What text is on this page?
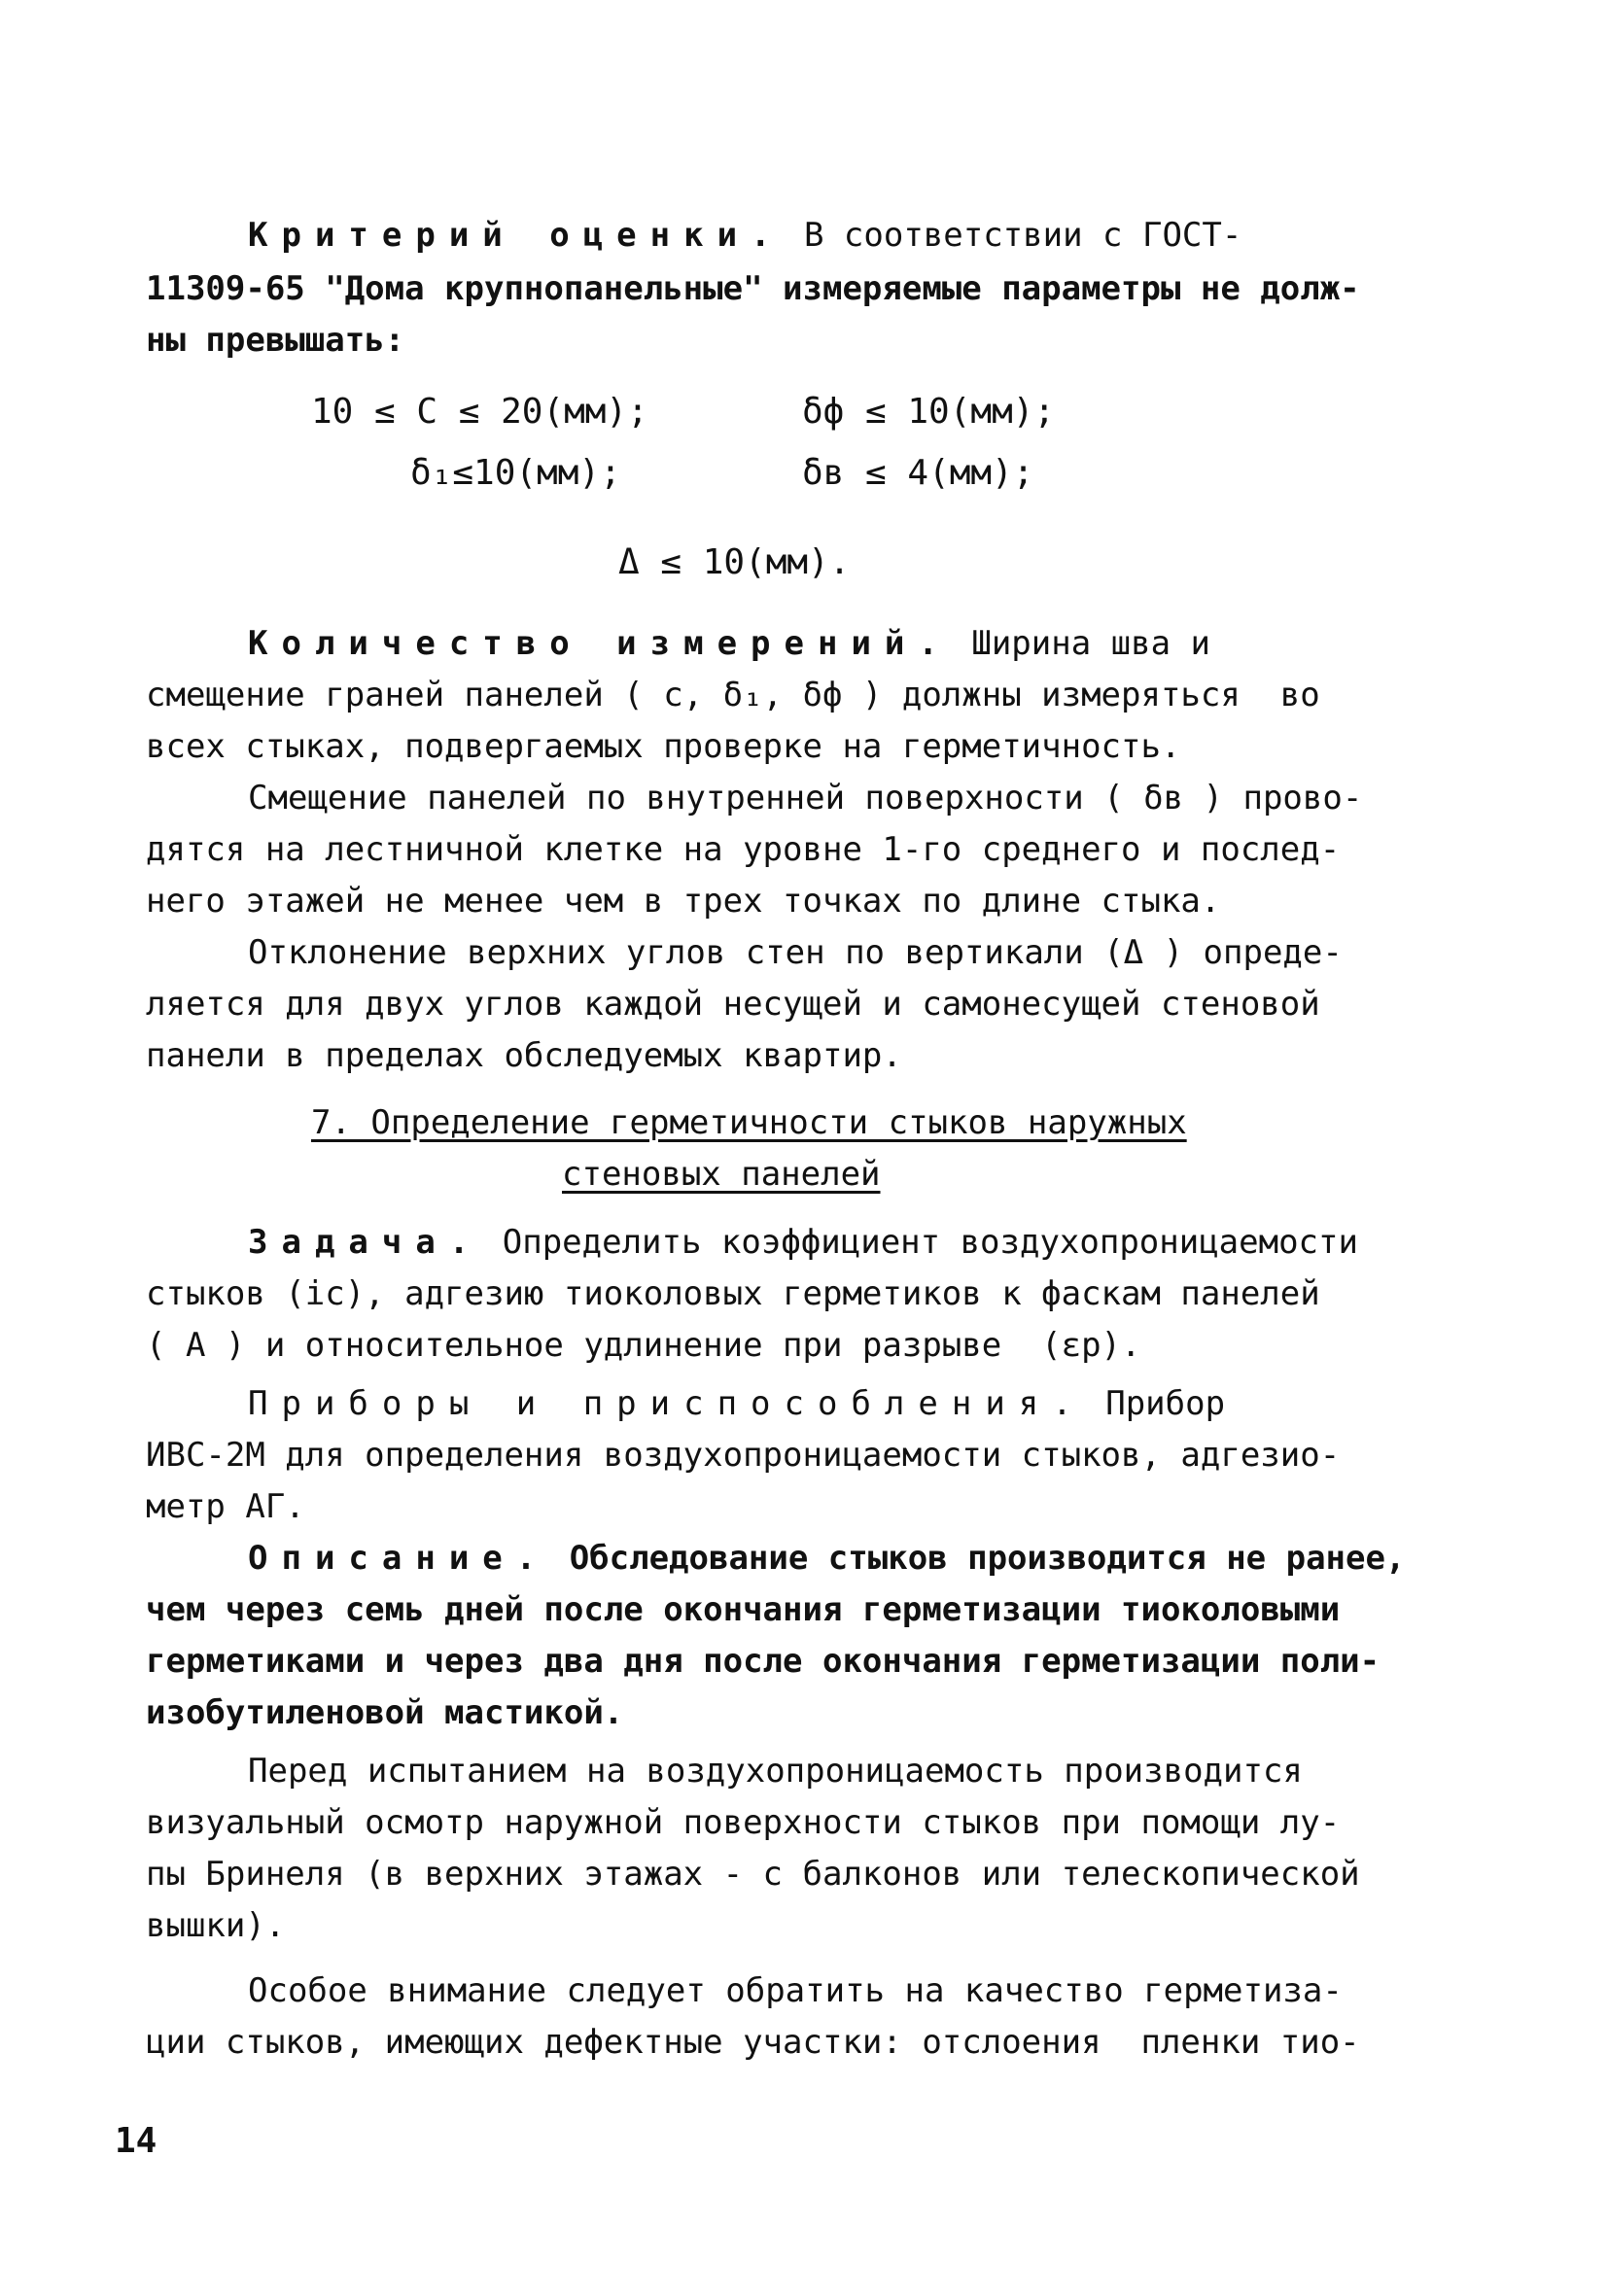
Критерий оценки. В соответствии с ГОСТ-
11309-65 "Дома крупнопанельные" измеряемые параметры не долж-
ны превышать:
10 ≤ С ≤ 20(мм);	δф ≤ 10(мм);
δ₁≤10(мм);	δв ≤ 4(мм);
Δ ≤ 10(мм).
Количество измерений. Ширина шва и
смещение граней панелей ( с, δ₁, δф ) должны измеряться  во
всех стыках, подвергаемых проверке на герметичность.
Смещение панелей по внутренней поверхности ( δв ) прово-
дятся на лестничной клетке на уровне 1-го среднего и послед-
него этажей не менее чем в трех точках по длине стыка.
Отклонение верхних углов стен по вертикали (Δ ) опреде-
ляется для двух углов каждой несущей и самонесущей стеновой
панели в пределах обследуемых квартир.
7. Определение герметичности стыков наружных
стеновых панелей
Задача. Определить коэффициент воздухопроницаемости
стыков (iс), адгезию тиоколовых герметиков к фаскам панелей
( А ) и относительное удлинение при разрыве  (εр).
Приборы и приспособления. Прибор
ИВС-2М для определения воздухопроницаемости стыков, адгезио-
метр АГ.
Описание. Обследование стыков производится не ранее,
чем через семь дней после окончания герметизации тиоколовыми
герметиками и через два дня после окончания герметизации поли-
изобутиленовой мастикой.
Перед испытанием на воздухопроницаемость производится
визуальный осмотр наружной поверхности стыков при помощи лу-
пы Бринеля (в верхних этажах - с балконов или телескопической
вышки).
Особое внимание следует обратить на качество герметиза-
ции стыков, имеющих дефектные участки: отслоения  пленки тио-
14
